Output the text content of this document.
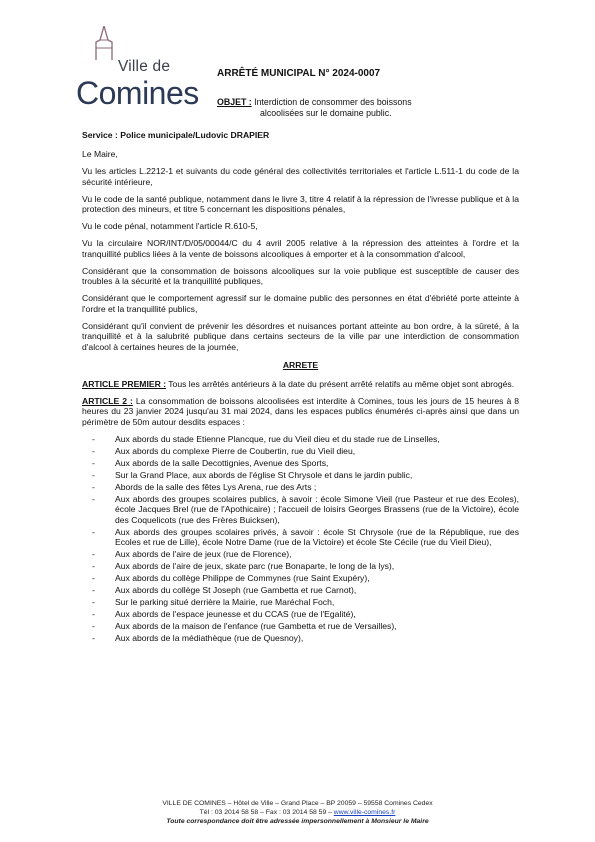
Ville de
Comines
ARRÊTÉ MUNICIPAL N° 2024-0007
OBJET : Interdiction de consommer des boissons
alcoolisées sur le domaine public.

Service : Police municipale/Ludovic DRAPIER

Le Maire,

Vu les articles L.2212-1 et suivants du code général des collectivités territoriales et l'article L.511-1 du code de la sécurité intérieure,

Vu le code de la santé publique, notamment dans le livre 3, titre 4 relatif à la répression de l'ivresse publique et à la protection des mineurs, et titre 5 concernant les dispositions pénales,

Vu le code pénal, notamment l'article R.610-5,

Vu la circulaire NOR/INT/D/05/00044/C du 4 avril 2005 relative à la répression des atteintes à l'ordre et la tranquillité publics liées à la vente de boissons alcooliques à emporter et à la consommation d'alcool,

Considérant que la consommation de boissons alcooliques sur la voie publique est susceptible de causer des troubles à la sécurité et la tranquillité publiques,

Considérant que le comportement agressif sur le domaine public des personnes en état d'ébriété porte atteinte à l'ordre et la tranquillité publics,

Considérant qu'il convient de prévenir les désordres et nuisances portant atteinte au bon ordre, à la sûreté, à la tranquillité et à la salubrité publique dans certains secteurs de la ville par une interdiction de consommation d'alcool à certaines heures de la journée,

ARRETE

ARTICLE PREMIER : Tous les arrêtés antérieurs à la date du présent arrêté relatifs au même objet sont abrogés.

ARTICLE 2 : La consommation de boissons alcoolisées est interdite à Comines, tous les jours de 15 heures à 8 heures du 23 janvier 2024 jusqu'au 31 mai 2024, dans les espaces publics énumérés ci-après ainsi que dans un périmètre de 50m autour desdits espaces :

- Aux abords du stade Etienne Plancque, rue du Vieil dieu et du stade rue de Linselles,
- Aux abords du complexe Pierre de Coubertin, rue du Vieil dieu,
- Aux abords de la salle Decottignies, Avenue des Sports,
- Sur la Grand Place, aux abords de l'église St Chrysole et dans le jardin public,
- Abords de la salle des fêtes Lys Arena, rue des Arts ;
- Aux abords des groupes scolaires publics, à savoir : école Simone Vieil (rue Pasteur et rue des Ecoles), école Jacques Brel (rue de l'Apothicaire) ; l'accueil de loisirs Georges Brassens (rue de la Victoire), école des Coquelicots (rue des Frères Buicksen),
- Aux abords des groupes scolaires privés, à savoir : école St Chrysole (rue de la République, rue des Ecoles et rue de Lille), école Notre Dame (rue de la Victoire) et école Ste Cécile (rue du Vieil Dieu),
- Aux abords de l'aire de jeux (rue de Florence),
- Aux abords de l'aire de jeux, skate parc (rue Bonaparte, le long de la lys),
- Aux abords du collège Philippe de Commynes (rue Saint Exupéry),
- Aux abords du collège St Joseph (rue Gambetta et rue Carnot),
- Sur le parking situé derrière la Mairie, rue Maréchal Foch,
- Aux abords de l'espace jeunesse et du CCAS (rue de l'Egalité),
- Aux abords de la maison de l'enfance (rue Gambetta et rue de Versailles),
- Aux abords de la médiathèque (rue de Quesnoy),
VILLE DE COMINES – Hôtel de Ville – Grand Place – BP 20059 – 59558 Comines Cedex
Tél : 03 2014 58 58 – Fax : 03 2014 58 59 – www.ville-comines.fr
Toute correspondance doit être adressée impersonnellement à Monsieur le Maire
